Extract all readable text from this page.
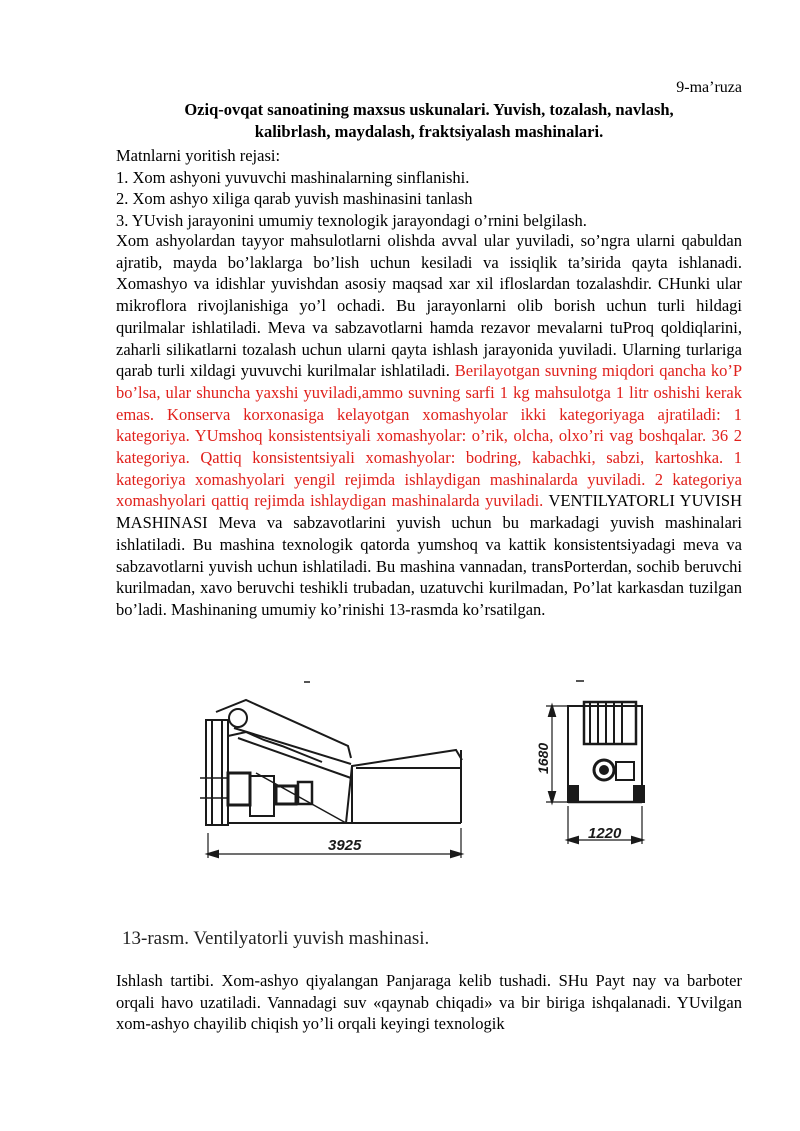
9-ma’ruza
Oziq-ovqat sanoatining maxsus uskunalari. Yuvish, tozalash, navlash,
kalibrlash, maydalash, fraktsiyalash mashinalari.
Matnlarni yoritish rejasi:
1. Xom ashyoni yuvuvchi mashinalarning sinflanishi.
2. Xom ashyo xiliga qarab yuvish mashinasini tanlash
3. YUvish jarayonini umumiy texnologik jarayondagi o’rnini belgilash.
Xom ashyolardan tayyor mahsulotlarni olishda avval ular yuviladi, so’ngra ularni qabuldan ajratib, mayda bo’laklarga bo’lish uchun kesiladi va issiqlik ta’sirida qayta ishlanadi. Xomashyo va idishlar yuvishdan asosiy maqsad xar xil ifloslardan tozalashdir. CHunki ular mikroflora rivojlanishiga yo’l ochadi. Bu jarayonlarni olib borish uchun turli hildagi qurilmalar ishlatiladi. Meva va sabzavotlarni hamda rezavor mevalarni tuProq qoldiqlarini, zaharli silikatlarni tozalash uchun ularni qayta ishlash jarayonida yuviladi. Ularning turlariga qarab turli xildagi yuvuvchi kurilmalar ishlatiladi. Berilayotgan suvning miqdori qancha ko’P bo’lsa, ular shuncha yaxshi yuviladi,ammo suvning sarfi 1 kg mahsulotga 1 litr oshishi kerak emas. Konserva korxonasiga kelayotgan xomashyolar ikki kategoriyaga ajratiladi: 1 kategoriya. YUmshoq konsistentsiyali xomashyolar: o’rik, olcha, olxo’ri vag boshqalar. 36 2 kategoriya. Qattiq konsistentsiyali xomashyolar: bodring, kabachki, sabzi, kartoshka. 1 kategoriya xomashyolari yengil rejimda ishlaydigan mashinalarda yuviladi. 2 kategoriya xomashyolari qattiq rejimda ishlaydigan mashinalarda yuviladi. VENTILYATORLI YUVISH MASHINASI Meva va sabzavotlarini yuvish uchun bu markadagi yuvish mashinalari ishlatiladi. Bu mashina texnologik qatorda yumshoq va kattik konsistentsiyadagi meva va sabzavotlarni yuvish uchun ishlatiladi. Bu mashina vannadan, transPorterdan, sochib beruvchi kurilmadan, xavo beruvchi teshikli trubadan, uzatuvchi kurilmadan, Po’lat karkasdan tuzilgan bo’ladi. Mashinaning umumiy ko’rinishi 13-rasmda ko’rsatilgan.
3925
1680
1220
13-rasm. Ventilyatorli yuvish mashinasi.
Ishlash tartibi. Xom-ashyo qiyalangan Panjaraga kelib tushadi. SHu Payt nay va barboter orqali havo uzatiladi. Vannadagi suv «qaynab chiqadi» va bir biriga ishqalanadi. YUvilgan xom-ashyo chayilib chiqish yo’li orqali keyingi texnologik
